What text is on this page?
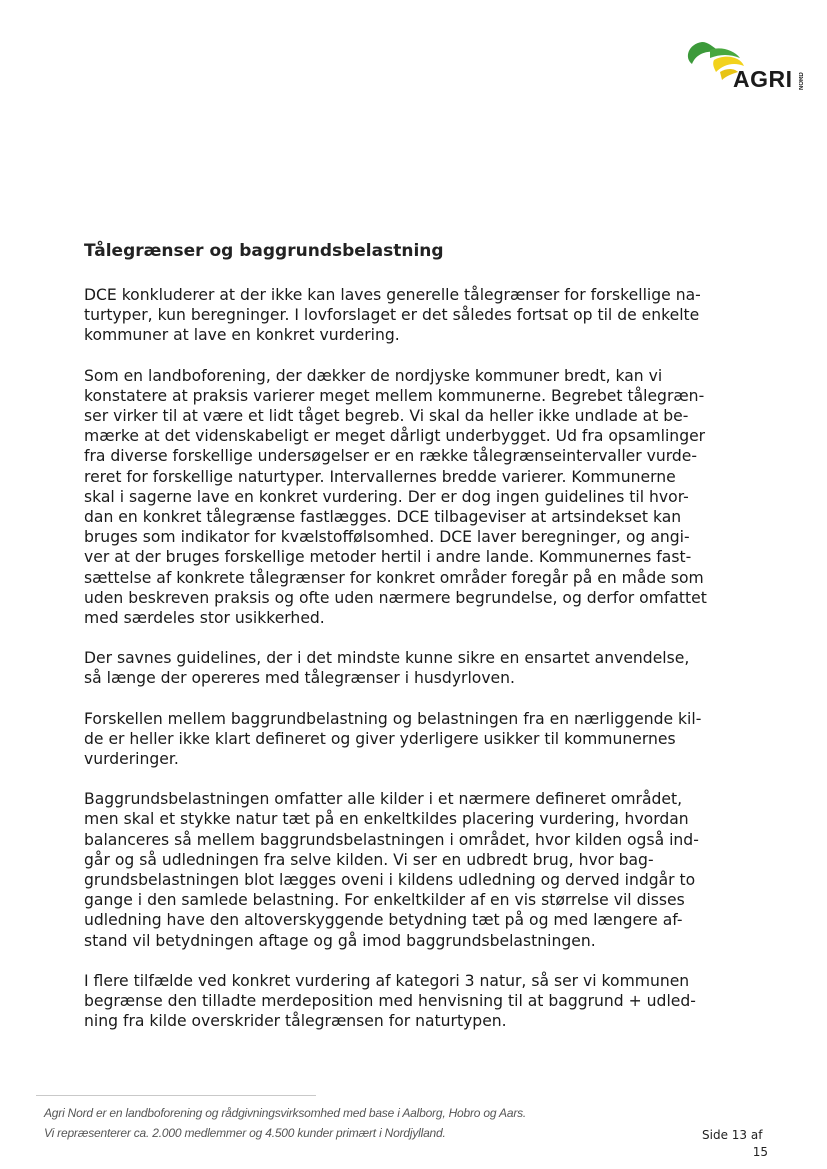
AGRI NORD
Tålegrænser og baggrundsbelastning

DCE konkluderer at der ikke kan laves generelle tålegrænser for forskellige na-
turtyper, kun beregninger. I lovforslaget er det således fortsat op til de enkelte
kommuner at lave en konkret vurdering.

Som en landboforening, der dækker de nordjyske kommuner bredt, kan vi
konstatere at praksis varierer meget mellem kommunerne. Begrebet tålegræn-
ser virker til at være et lidt tåget begreb. Vi skal da heller ikke undlade at be-
mærke at det videnskabeligt er meget dårligt underbygget. Ud fra opsamlinger
fra diverse forskellige undersøgelser er en række tålegrænseintervaller vurde-
reret for forskellige naturtyper. Intervallernes bredde varierer. Kommunerne
skal i sagerne lave en konkret vurdering. Der er dog ingen guidelines til hvor-
dan en konkret tålegrænse fastlægges. DCE tilbageviser at artsindekset kan
bruges som indikator for kvælstoffølsomhed. DCE laver beregninger, og angi-
ver at der bruges forskellige metoder hertil i andre lande. Kommunernes fast-
sættelse af konkrete tålegrænser for konkret områder foregår på en måde som
uden beskreven praksis og ofte uden nærmere begrundelse, og derfor omfattet
med særdeles stor usikkerhed.

Der savnes guidelines, der i det mindste kunne sikre en ensartet anvendelse,
så længe der opereres med tålegrænser i husdyrloven.

Forskellen mellem baggrundbelastning og belastningen fra en nærliggende kil-
de er heller ikke klart defineret og giver yderligere usikker til kommunernes
vurderinger.

Baggrundsbelastningen omfatter alle kilder i et nærmere defineret området,
men skal et stykke natur tæt på en enkeltkildes placering vurdering, hvordan
balanceres så mellem baggrundsbelastningen i området, hvor kilden også ind-
går og så udledningen fra selve kilden. Vi ser en udbredt brug, hvor bag-
grundsbelastningen blot lægges oveni i kildens udledning og derved indgår to
gange i den samlede belastning. For enkeltkilder af en vis størrelse vil disses
udledning have den altoverskyggende betydning tæt på og med længere af-
stand vil betydningen aftage og gå imod baggrundsbelastningen.

I flere tilfælde ved konkret vurdering af kategori 3 natur, så ser vi kommunen
begrænse den tilladte merdeposition med henvisning til at baggrund + udled-
ning fra kilde overskrider tålegrænsen for naturtypen.

Agri Nord er en landboforening og rådgivningsvirksomhed med base i Aalborg, Hobro og Aars.
Vi repræsenterer ca. 2.000 medlemmer og 4.500 kunder primært i Nordjylland.	Side 13 af
15
